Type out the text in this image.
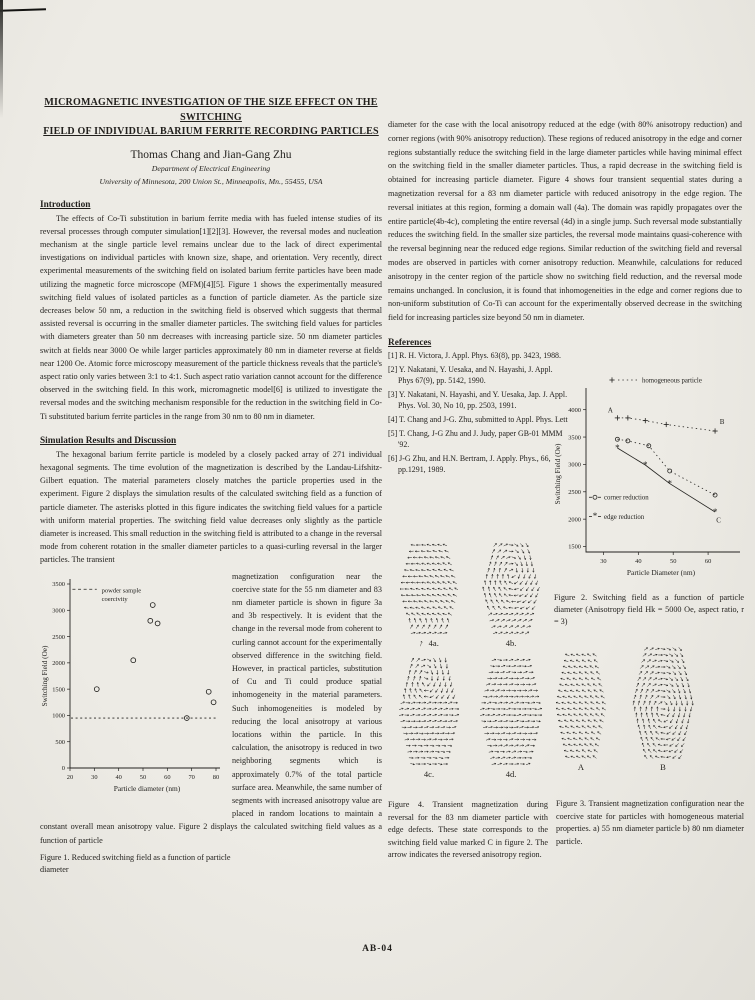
MICROMAGNETIC INVESTIGATION OF THE SIZE EFFECT ON THE SWITCHING
FIELD OF INDIVIDUAL BARIUM FERRITE RECORDING PARTICLES
Thomas Chang and Jian-Gang Zhu
Department of Electrical Engineering
University of Minnesota, 200 Union St., Minneapolis, Mn., 55455, USA
Introduction

The effects of Co-Ti substitution in barium ferrite media with has fueled intense studies of its reversal processes through computer simulation[1][2][3]. However, the reversal modes and nucleation mechanism at the single particle level remains unclear due to the lack of direct experimental investigations on individual particles with known size, shape, and orientation. Very recently, direct experimental measurements of the switching field on isolated barium ferrite particles have been made utilizing the magnetic force microscope (MFM)[4][5]. Figure 1 shows the experimentally measured switching field values of isolated particles as a function of particle diameter. As the particle size decreases below 50 nm, a reduction in the switching field is observed which suggests that thermal assisted reversal is occurring in the smaller diameter particles. The switching field values for particles with diameters greater than 50 nm decreases with increasing particle size. 50 nm diameter particles switch at fields near 3000 Oe while larger particles approximately 80 nm in diameter reverse at fields near 1200 Oe. Atomic force microscopy measurement of the particle thickness reveals that the particle's aspect ratio only varies between 3:1 to 4:1. Such aspect ratio variation cannot account for the difference observed in the switching field. In this work, micromagnetic model[6] is utilized to investigate the reversal modes and the switching mechanism responsible for the reduction in the switching field in Co-Ti substituted barium ferrite particles in the range from 30 nm to 80 nm in diameter.

Simulation Results and Discussion

The hexagonal barium ferrite particle is modeled by a closely packed array of 271 individual hexagonal segments. The time evolution of the magnetization is described by the Landau-Lifshitz-Gilbert equation. The material parameters closely matches the particle properties used in the experiment. Figure 2 displays the simulation results of the calculated switching field as a function of particle diameter. The asterisks plotted in this figure indicates the switching field values for a particle with uniform material properties. The switching field value decreases only slightly as the particle diameter is increased. This small reduction in the switching field is attributed to a change in the reversal mode from coherent rotation in the smaller diameter particles to a quasi-curling reversal in the larger particles. The transient

0
500
1000
1500
2000
2500
3000
3500
20	30	40	50	60	70	80
Particle diameter (nm)
Switching Field (Oe)
powder sample
coercivity

magnetization configuration near the coercive state for the 55 nm diameter and 83 nm diameter particle is shown in figure 3a and 3b respectively. It is evident that the change in the reversal mode from coherent to curling cannot account for the experimentally observed difference in the switching field. However, in practical particles, substitution of Cu and Ti could produce spatial inhomogeneity in the material parameters. Such inhomogeneities is modeled by reducing the local anisotropy at various locations within the particle. In this calculation, the anisotropy is reduced in two neighboring segments which is approximately 0.7% of the total particle surface area. Meanwhile, the same number of segments with increased anisotropy value are placed in random locations to maintain a constant overall mean anisotropy value. Figure 2 displays the calculated switching field values as a function of particle

Figure 1. Reduced switching field as a function of particle diameter

diameter for the case with the local anisotropy reduced at the edge (with 80% anisotropy reduction) and corner regions (with 90% anisotropy reduction). These regions of reduced anisotropy in the edge and corner regions substantially reduce the switching field in the large diameter particles while having minimal effect on the switching field in the smaller diameter particles. Thus, a rapid decrease in the switching field is obtained for increasing particle diameter. Figure 4 shows four transient sequential states during a magnetization reversal for a 83 nm diameter particle with reduced anisotropy in the edge region. The reversal initiates at this region, forming a domain wall (4a). The domain was rapidly propagates over the entire particle(4b-4c), completing the entire reversal (4d) in a single jump. Such reversal mode substantially reduces the switching field. In the smaller size particles, the reversal mode maintains quasi-coherence with the reversal beginning near the reduced edge regions. Similar reduction of the switching field and reversal modes are observed in particles with corner anisotropy reduction. Meanwhile, calculations for reduced anisotropy in the center region of the particle show no switching field reduction, and the reversal mode remains unchanged. In conclusion, it is found that inhomogeneities in the edge and corner regions due to non-uniform substitution of Co-Ti can account for the experimentally observed decrease in the switching field for increasing particles size beyond 50 nm in diameter.

References

[1] R. H. Victora, J. Appl. Phys. 63(8), pp. 3423, 1988.

[2] Y. Nakatani, Y. Uesaka, and N. Hayashi, J. Appl. Phys 67(9), pp. 5142, 1990.

[3] Y. Nakatani, N. Hayashi, and Y. Uesaka, Jap. J. Appl. Phys. Vol. 30, No 10, pp. 2503, 1991.

[4] T. Chang and J-G. Zhu, submitted to Appl. Phys. Lett

[5] T. Chang, J-G Zhu and J. Judy, paper GB-01 MMM '92.

[6] J-G Zhu, and H.N. Bertram, J. Apply. Phys., 66, pp.1291, 1989.

1500
2000
2500
3000
3500
4000
30	40	50	60
Particle Diameter (nm)
Switching Field (Oe)	*
*
*
*
homogeneous particle
corner reduction
* edge reduction
A
B
C

Figure 2. Switching field as a function of particle diameter (Anisotropy field Hk = 5000 Oe, aspect ratio, r = 3)

↑ 4a.	4b.
4c.	4d.

Figure 4. Transient magnetization during reversal for the 83 nm diameter particle with edge defects. These state corresponds to the switching field value marked C in figure 2. The arrow indicates the reversed anisotropy region.

A	B

Figure 3. Transient magnetization configuration near the coercive state for particles with homogeneous material properties. a) 55 nm diameter particle b) 80 nm diameter particle.

AB-04
